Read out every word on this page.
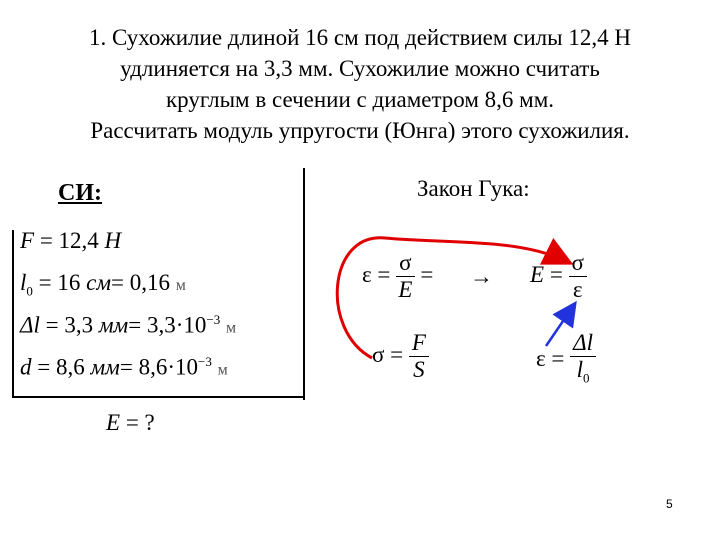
1. Сухожилие длиной 16 см под действием силы 12,4 Н
удлиняется на 3,3 мм. Сухожилие можно считать
круглым в сечении с диаметром 8,6 мм.
Рассчитать модуль упругости (Юнга) этого сухожилия.
СИ:	Закон Гука:
F = 12,4 Н
$l_0 = 16$ см= 0,16 м
Δl = 3,3 $мм= 3,3\cdot 10^{-3}$ м
d = 8,6 $мм= 8,6\cdot 10^{-3}$ м
E = ?
$\varepsilon = \frac{\sigma}{E}$ = → $E = \frac{\sigma}{\varepsilon}$
$\sigma = \frac{F}{S}$	$\varepsilon = \frac{\Delta l}{l_0}$
5
